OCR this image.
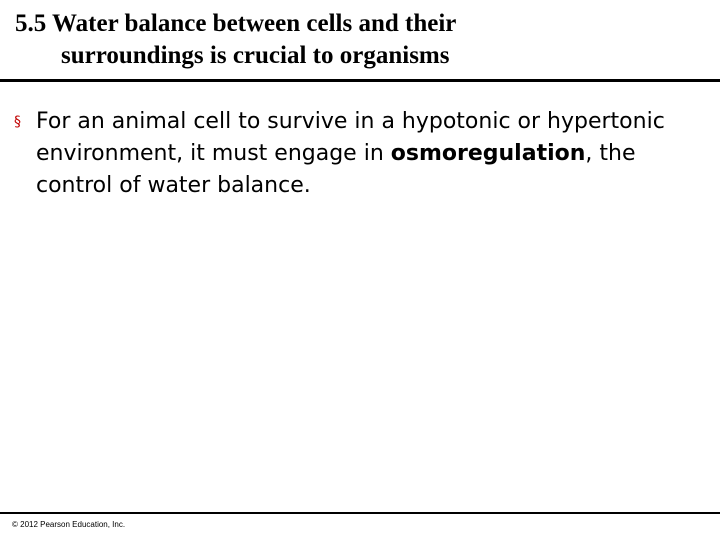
5.5 Water balance between cells and their
surroundings is crucial to organisms
§ For an animal cell to survive in a hypotonic or hypertonic environment, it must engage in osmoregulation, the control of water balance.
© 2012 Pearson Education, Inc.
